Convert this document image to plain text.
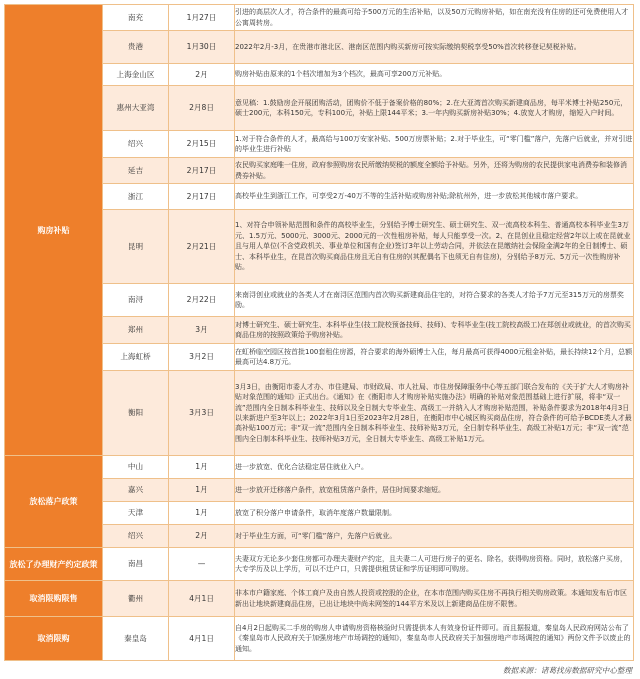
购房补贴	南充	1月27日	引进的高层次人才，符合条件的最高可给予500万元的生活补贴，以及50万元购房补贴，如在南充没有住房的还可免费使用人才公寓周转房。
	贵港	1月30日	2022年2月-3月，在贵港市港北区、港南区范围内购买新房可按实际缴纳契税享受50%首次转移登记契税补贴。
	上海金山区	2月	购房补贴由原来的1个档次增加为3个档次，最高可享200万元补贴。
	惠州大亚湾	2月8日	意见稿：1.鼓励房企开展团购活动，团购价不低于备案价格的80%；2.在大亚湾首次购买新建商品房，每平米博士补贴250元，硕士200元，本科150元，专科100元，补贴上限144平米；3.一年内购买新房补贴30%；4.放宽人才购房，缩短入户时间。
	绍兴	2月15日	1.对于符合条件的人才，最高给与100万安家补贴、500万房票补贴；2.对于毕业生，可“零门槛”落户，先落户后就业，并对引进的毕业生进行补贴
	延吉	2月17日	农民购买家庭唯一住房，政府参照购房农民所缴纳契税的额度全额给予补贴。另外，还将为购房的农民提供家电消费券和装修消费券补贴。
	浙江	2月17日	高校毕业生到浙江工作，可享受2万-40万不等的生活补贴或购房补贴;除杭州外，进一步放松其他城市落户要求。
	昆明	2月21日	1、对符合申领补贴范围和条件的高校毕业生，分别给予博士研究生、硕士研究生、双一流高校本科生、普通高校本科毕业生3万元、1.5万元、5000元、3000元、2000元的一次性租房补贴，每人只能享受一次。2、在昆创业且稳定经营2年以上或在昆就业且与用人单位(不含党政机关、事业单位和国有企业)签订3年以上劳动合同，并依法在昆缴纳社会保险金满2年的全日制博士、硕士、本科毕业生，在昆首次购买商品住房且无自有住房的(其配偶名下也须无自有住房)，分别给予8万元、5万元一次性购房补贴。
	南浔	2月22日	来南浔创业或就业的各类人才在南浔区范围内首次购买新建商品住宅的，对符合要求的各类人才给予7万元至315万元的房票奖励。
	郑州	3月	对博士研究生、硕士研究生、本科毕业生(技工院校预备技师、技师)、专科毕业生(技工院校高级工)在郑创业或就业，的首次购买商品住房的按照政策给予购房补贴。
	上海虹桥	3月2日	在虹桥临空园区按首批100套租住房源，符合要求的海外硕博士入住，每月最高可获得4000元租金补贴，最长持续12个月，总额最高可达4.8万元。
	衡阳	3月3日	3月3日，由衡阳市委人才办、市住建局、市财政局、市人社局、市住房保障服务中心等五部门联合发布的《关于扩大人才购房补贴对象范围的通知》正式出台。《通知》在《衡阳市人才购房补贴实施办法》明确的补贴对象范围基础上进行扩展，将非“双一流”范围内全日制本科毕业生、技师以及全日制大专毕业生、高级工一并纳入人才购房补贴范围，补贴条件要求为2018年4月3日以来新进户至3年以上；2022年3月1日至2023年2月28日，在衡阳市中心城区购买商品住房，符合条件的可给予BCDE类人才最高补贴100万元；非“双一流”范围内全日制本科毕业生、技师补贴3万元，全日制专科毕业生、高级工补贴1万元；非“双一流”范围内全日制本科毕业生、技师补贴3万元，全日制大专毕业生、高级工补贴1万元。
放松落户政策	中山	1月	进一步放宽、优化合法稳定居住就业入户。
	嘉兴	1月	进一步放开迁移落户条件，放宽租赁落户条件，居住时间要求缩短。
	天津	1月	放宽了积分落户申请条件，取消年度落户数量限制。
	绍兴	2月	对于毕业生方面，可“零门槛”落户，先落户后就业。
放松了办理财产约定政策	南昌	—	夫妻双方无论多少套住房都可办理夫妻财产约定，且夫妻二人可进行房子的更名、除名，获得购房资格。同时，放松落户买房，大专学历及以上学历，可以不迁户口，只需提供租赁证和学历证明即可购房。
取消限购限售	衢州	4月1日	非本市户籍家庭、个体工商户及由自然人投资或控股的企业，在本市范围内购买住房不再执行相关购房政策。本通知发布后市区新出让地块新建商品住房，已出让地块中尚未网签的144平方米及以上新建商品住房不限售。
取消限购	秦皇岛	4月1日	自4月2日起购买二手房的购房人申请购房资格核验时只需提供本人有效身份证件即可。而且据报道，秦皇岛人民政府网站公布了《秦皇岛市人民政府关于加强房地产市场调控的通知》，秦皇岛市人民政府关于加强房地产市场调控的通知》两份文件予以废止的通知。
数据来源：诸葛找房数据研究中心整理
